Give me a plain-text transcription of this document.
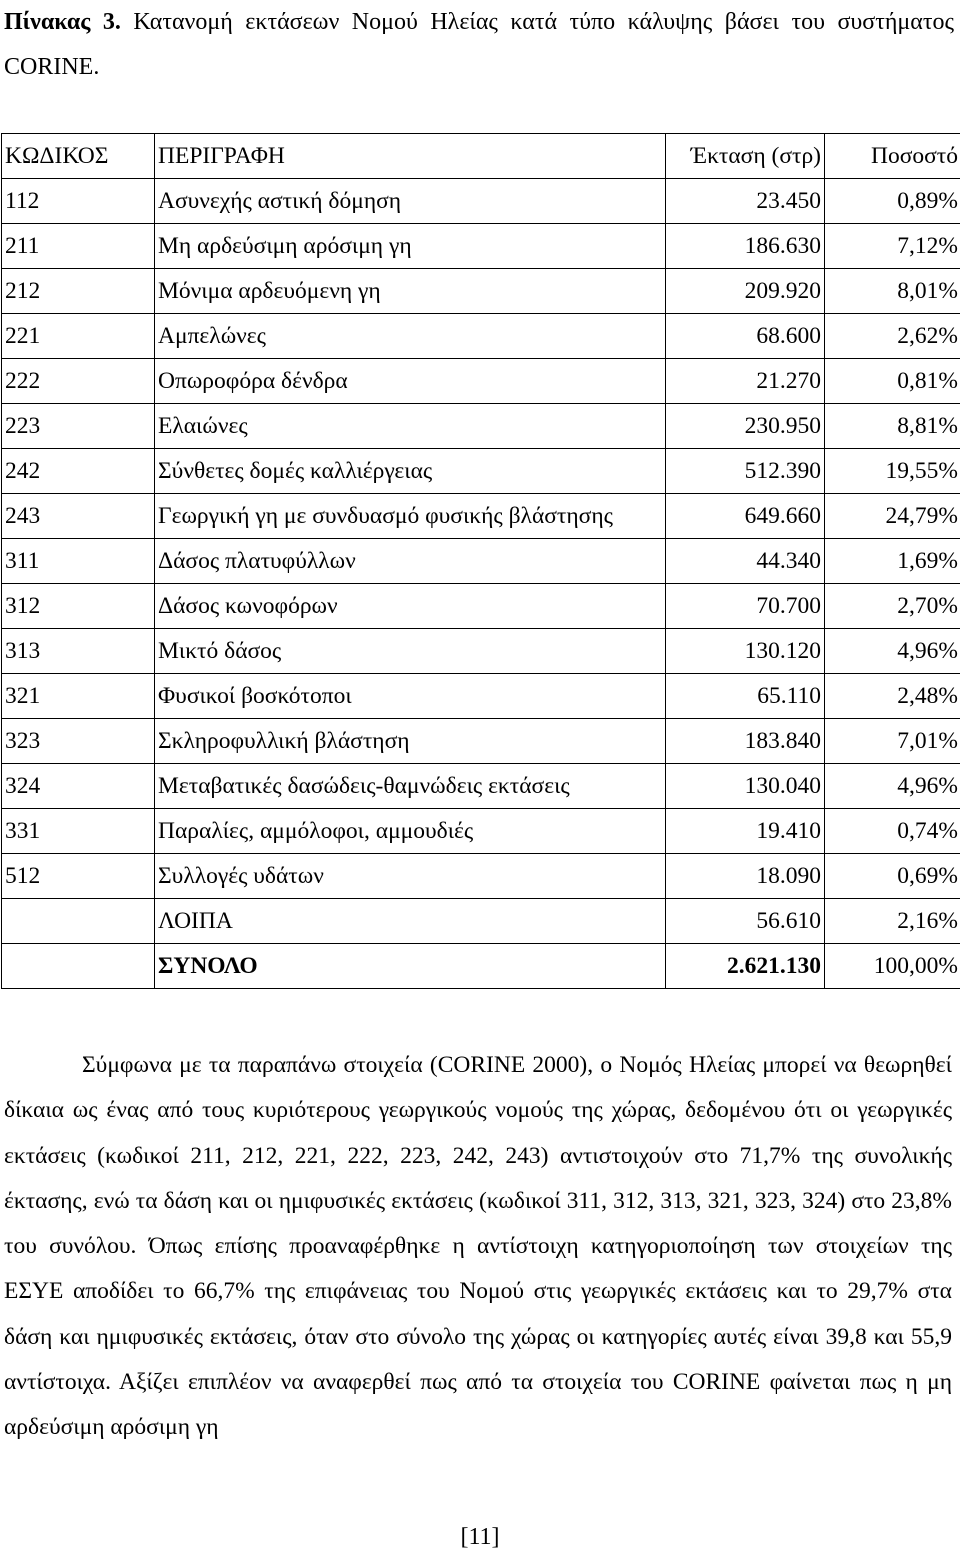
Πίνακας 3. Κατανομή εκτάσεων Νομού Ηλείας κατά τύπο κάλυψης βάσει του συστήματος CORINE.
ΚΩΔΙΚΟΣ	ΠΕΡΙΓΡΑΦΗ	Έκταση (στρ)	Ποσοστό
112	Ασυνεχής αστική δόμηση	23.450	0,89%
211	Μη αρδεύσιμη αρόσιμη γη	186.630	7,12%
212	Μόνιμα αρδευόμενη γη	209.920	8,01%
221	Αμπελώνες	68.600	2,62%
222	Οπωροφόρα δένδρα	21.270	0,81%
223	Ελαιώνες	230.950	8,81%
242	Σύνθετες δομές καλλιέργειας	512.390	19,55%
243	Γεωργική γη με συνδυασμό φυσικής βλάστησης	649.660	24,79%
311	Δάσος πλατυφύλλων	44.340	1,69%
312	Δάσος κωνοφόρων	70.700	2,70%
313	Μικτό δάσος	130.120	4,96%
321	Φυσικοί βοσκότοποι	65.110	2,48%
323	Σκληροφυλλική βλάστηση	183.840	7,01%
324	Μεταβατικές δασώδεις-θαμνώδεις εκτάσεις	130.040	4,96%
331	Παραλίες, αμμόλοφοι, αμμουδιές	19.410	0,74%
512	Συλλογές υδάτων	18.090	0,69%
	ΛΟΙΠΑ	56.610	2,16%
	ΣΥΝΟΛΟ	2.621.130	100,00%

Σύμφωνα με τα παραπάνω στοιχεία (CORINE 2000), ο Νομός Ηλείας μπορεί να θεωρηθεί δίκαια ως ένας από τους κυριότερους γεωργικούς νομούς της χώρας, δεδομένου ότι οι γεωργικές εκτάσεις (κωδικοί 211, 212, 221, 222, 223, 242, 243) αντιστοιχούν στο 71,7% της συνολικής έκτασης, ενώ τα δάση και οι ημιφυσικές εκτάσεις (κωδικοί 311, 312, 313, 321, 323, 324) στο 23,8% του συνόλου. Όπως επίσης προαναφέρθηκε η αντίστοιχη κατηγοριοποίηση των στοιχείων της ΕΣΥΕ αποδίδει το 66,7% της επιφάνειας του Νομού στις γεωργικές εκτάσεις και το 29,7% στα δάση και ημιφυσικές εκτάσεις, όταν στο σύνολο της χώρας οι κατηγορίες αυτές είναι 39,8 και 55,9 αντίστοιχα. Αξίζει επιπλέον να αναφερθεί πως από τα στοιχεία του CORINE φαίνεται πως η μη αρδεύσιμη αρόσιμη γη

[11]
